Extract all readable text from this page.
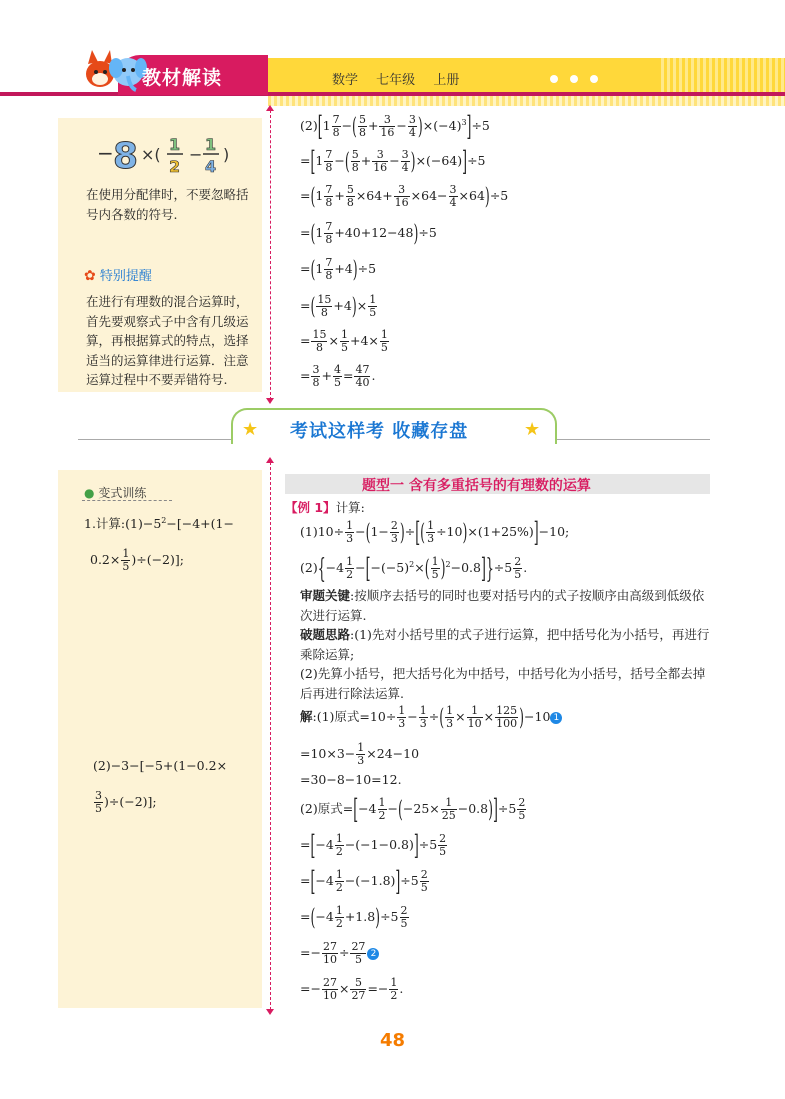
教材解读	数学 七年级 上册
− 8 ×(
1
2
−
1
4
)
在使用分配律时，不要忽略括号内各数的符号.
✿ 特别提醒
在进行有理数的混合运算时，首先要观察式子中含有几级运算，再根据算式的特点，选择适当的运算律进行运算．注意运算过程中不要弄错符号.
$(2)[1 \frac{7}{8}$ −( $\frac{5}{8} + \frac{3}{16} - \frac{3}{4} )\times(-4)^3]\div 5$
$=[1 \frac{7}{8}$ −( $\frac{5}{8} + \frac{3}{16} - \frac{3}{4} )\times(-64)]\div 5$
$=(1 \frac{7}{8} + \frac{5}{8} \times 64+ \frac{3}{16} \times 64- \frac{3}{4} \times 64)\div 5$
$=(1 \frac{7}{8} +40+12-48)\div 5$
$=(1 \frac{7}{8} +4)\div 5$
=( $\frac{15}{8} +4)\times \frac{1}{5}$
= $\frac{15}{8} \times \frac{1}{5} +4\times \frac{1}{5}$
= $\frac{3}{8} + \frac{4}{5} = \frac{47}{40}$ .
★	★
考试这样考 收藏存盘
● 变式训练
1.计算$:(1)-5^2-[-4+(1-$
$0.2\times \frac{1}{5} )\div(-2)$];
(2)−3−[−5+(1−0.2×
$\frac{3}{5} )\div(-2)$];
题型一 含有多重括号的有理数的运算
【例 1】计算:
$(1)10\div \frac{1}{3} -(1- \frac{2}{3}$ )÷[( $\frac{1}{3} \div 10)\times(1+25\%)]-10$;
$(2)\{-4 \frac{1}{2} -[-(-5)^2\times( \frac{1}{5} )^2-0.8]\}\div 5 \frac{2}{5}$ .
审题关键:按顺序去括号的同时也要对括号内的式子按顺序由高级到低级依次进行运算.
破题思路:(1)先对小括号里的式子进行运算，把中括号化为小括号，再进行乘除运算;
(2)先算小括号，把大括号化为中括号，中括号化为小括号，括号全都去掉后再进行除法运算.
解:(1)原式$=10\div \frac{1}{3} - \frac{1}{3}$ ÷( $\frac{1}{3} \times \frac{1}{10} \times \frac{125}{100} )-10$ 1
$=10\times 3- \frac{1}{3} \times 24-10$
=30−8−10=12.
(2)原式$=[-4 \frac{1}{2} -(-25\times \frac{1}{25} -0.8)]\div 5 \frac{2}{5}$
$=[-4 \frac{1}{2} -(-1-0.8)]\div 5 \frac{2}{5}$
$=[-4 \frac{1}{2} -(-1.8)]\div 5 \frac{2}{5}$
$=(-4 \frac{1}{2} +1.8)\div 5 \frac{2}{5}$
=− $\frac{27}{10} \div \frac{27}{5} 2$
=− $\frac{27}{10} \times \frac{5}{27} =- \frac{1}{2}$ .
48
